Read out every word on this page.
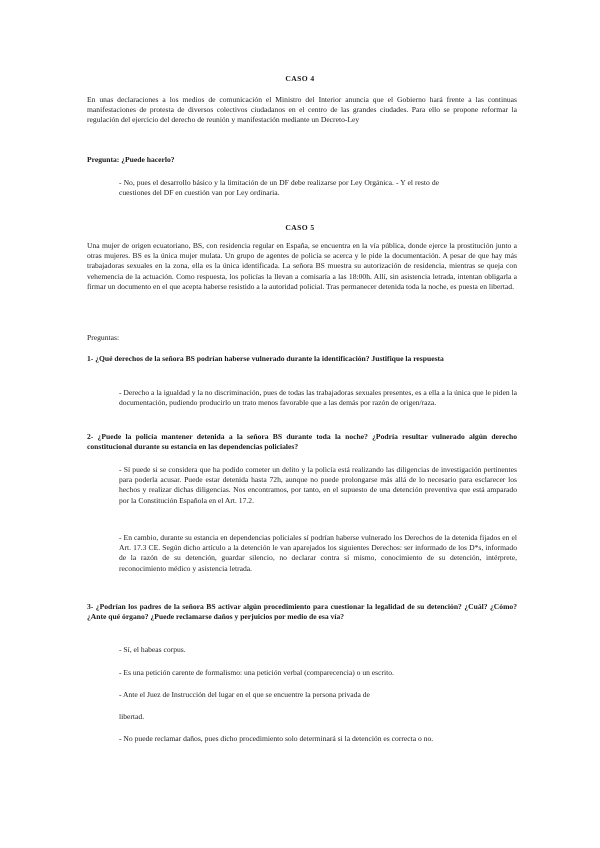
CASO 4
En unas declaraciones a los medios de comunicación el Ministro del Interior anuncia que el Gobierno hará frente a las continuas manifestaciones de protesta de diversos colectivos ciudadanos en el centro de las grandes ciudades. Para ello se propone reformar la regulación del ejercicio del derecho de reunión y manifestación mediante un Decreto-Ley
Pregunta: ¿Puede hacerlo?
- No, pues el desarrollo básico y la limitación de un DF debe realizarse por Ley Orgánica. - Y el resto de cuestiones del DF en cuestión van por Ley ordinaria.
CASO 5
Una mujer de origen ecuatoriano, BS, con residencia regular en España, se encuentra en la vía pública, donde ejerce la prostitución junto a otras mujeres. BS es la única mujer mulata. Un grupo de agentes de policía se acerca y le pide la documentación. A pesar de que hay más trabajadoras sexuales en la zona, ella es la única identificada. La señora BS muestra su autorización de residencia, mientras se queja con vehemencia de la actuación. Como respuesta, los policías la llevan a comisaría a las 18:00h. Allí, sin asistencia letrada, intentan obligarla a firmar un documento en el que acepta haberse resistido a la autoridad policial. Tras permanecer detenida toda la noche, es puesta en libertad.
Preguntas:
1- ¿Qué derechos de la señora BS podrían haberse vulnerado durante la identificación? Justifique la respuesta
- Derecho a la igualdad y la no discriminación, pues de todas las trabajadoras sexuales presentes, es a ella a la única que le piden la documentación, pudiendo producirlo un trato menos favorable que a las demás por razón de origen/raza.
2- ¿Puede la policía mantener detenida a la señora BS durante toda la noche? ¿Podría resultar vulnerado algún derecho constitucional durante su estancia en las dependencias policiales?
- Sí puede si se considera que ha podido cometer un delito y la policía está realizando las diligencias de investigación pertinentes para poderla acusar. Puede estar detenida hasta 72h, aunque no puede prolongarse más allá de lo necesario para esclarecer los hechos y realizar dichas diligencias. Nos encontramos, por tanto, en el supuesto de una detención preventiva que está amparado por la Constitución Española en el Art. 17.2.
- En cambio, durante su estancia en dependencias policiales sí podrían haberse vulnerado los Derechos de la detenida fijados en el Art. 17.3 CE. Según dicho artículo a la detención le van aparejados los siguientes Derechos: ser informado de los D*s, informado de la razón de su detención, guardar silencio, no declarar contra sí mismo, conocimiento de su detención, intérprete, reconocimiento médico y asistencia letrada.
3- ¿Podrían los padres de la señora BS activar algún procedimiento para cuestionar la legalidad de su detención? ¿Cuál? ¿Cómo? ¿Ante qué órgano? ¿Puede reclamarse daños y perjuicios por medio de esa vía?
- Sí, el habeas corpus.
- Es una petición carente de formalismo: una petición verbal (comparecencia) o un escrito.
- Ante el Juez de Instrucción del lugar en el que se encuentre la persona privada de
libertad.
- No puede reclamar daños, pues dicho procedimiento solo determinará si la detención es correcta o no.
